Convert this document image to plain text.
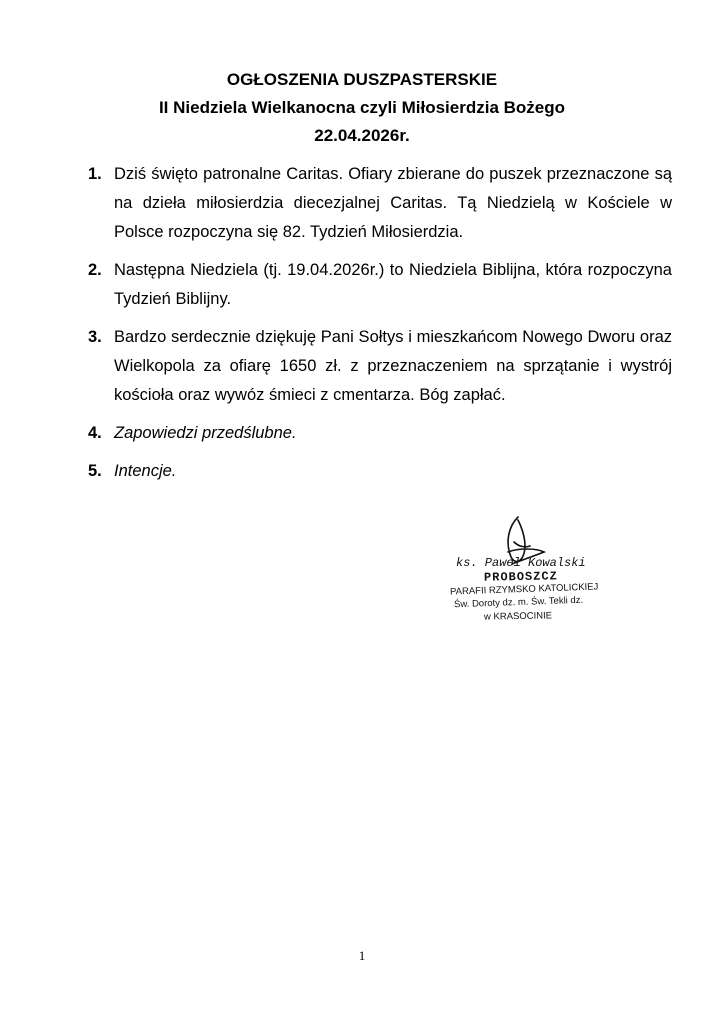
OGŁOSZENIA DUSZPASTERSKIE
II Niedziela Wielkanocna czyli Miłosierdzia Bożego
22.04.2026r.
1. Dziś święto patronalne Caritas. Ofiary zbierane do puszek przeznaczone są na dzieła miłosierdzia diecezjalnej Caritas. Tą Niedzielą w Kościele w Polsce rozpoczyna się 82. Tydzień Miłosierdzia.
2. Następna Niedziela (tj. 19.04.2026r.) to Niedziela Biblijna, która rozpoczyna Tydzień Biblijny.
3. Bardzo serdecznie dziękuję Pani Sołtys i mieszkańcom Nowego Dworu oraz Wielkopola za ofiarę 1650 zł. z przeznaczeniem na sprzątanie i wystrój kościoła oraz wywóz śmieci z cmentarza. Bóg zapłać.
4. Zapowiedzi przedślubne.
5. Intencje.
ks. Paweł Kowalski
PROBOSZCZ
PARAFII RZYMSKO KATOLICKIEJ
Św. Doroty dz. m. Św. Tekli dz.
w KRASOCINIE
1
